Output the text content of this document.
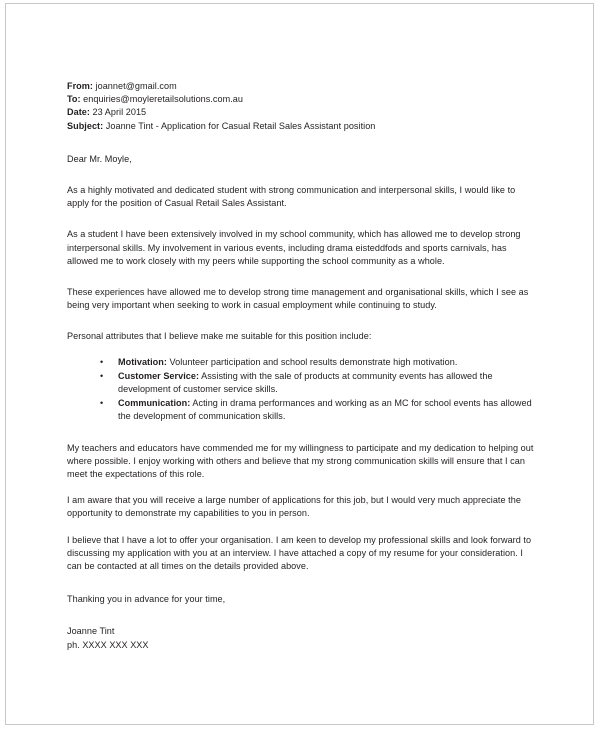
From: joannet@gmail.com
To: enquiries@moyleretailsolutions.com.au
Date: 23 April 2015
Subject: Joanne Tint - Application for Casual Retail Sales Assistant position
Dear Mr. Moyle,
As a highly motivated and dedicated student with strong communication and interpersonal skills, I would like to apply for the position of Casual Retail Sales Assistant.
As a student I have been extensively involved in my school community, which has allowed me to develop strong interpersonal skills. My involvement in various events, including drama eisteddfods and sports carnivals, has allowed me to work closely with my peers while supporting the school community as a whole.
These experiences have allowed me to develop strong time management and organisational skills, which I see as being very important when seeking to work in casual employment while continuing to study.
Personal attributes that I believe make me suitable for this position include:
• Motivation: Volunteer participation and school results demonstrate high motivation.
• Customer Service: Assisting with the sale of products at community events has allowed the development of customer service skills.
• Communication: Acting in drama performances and working as an MC for school events has allowed the development of communication skills.
My teachers and educators have commended me for my willingness to participate and my dedication to helping out where possible. I enjoy working with others and believe that my strong communication skills will ensure that I can meet the expectations of this role.
I am aware that you will receive a large number of applications for this job, but I would very much appreciate the opportunity to demonstrate my capabilities to you in person.
I believe that I have a lot to offer your organisation. I am keen to develop my professional skills and look forward to discussing my application with you at an interview. I have attached a copy of my resume for your consideration. I can be contacted at all times on the details provided above.
Thanking you in advance for your time,
Joanne Tint
ph. XXXX XXX XXX
